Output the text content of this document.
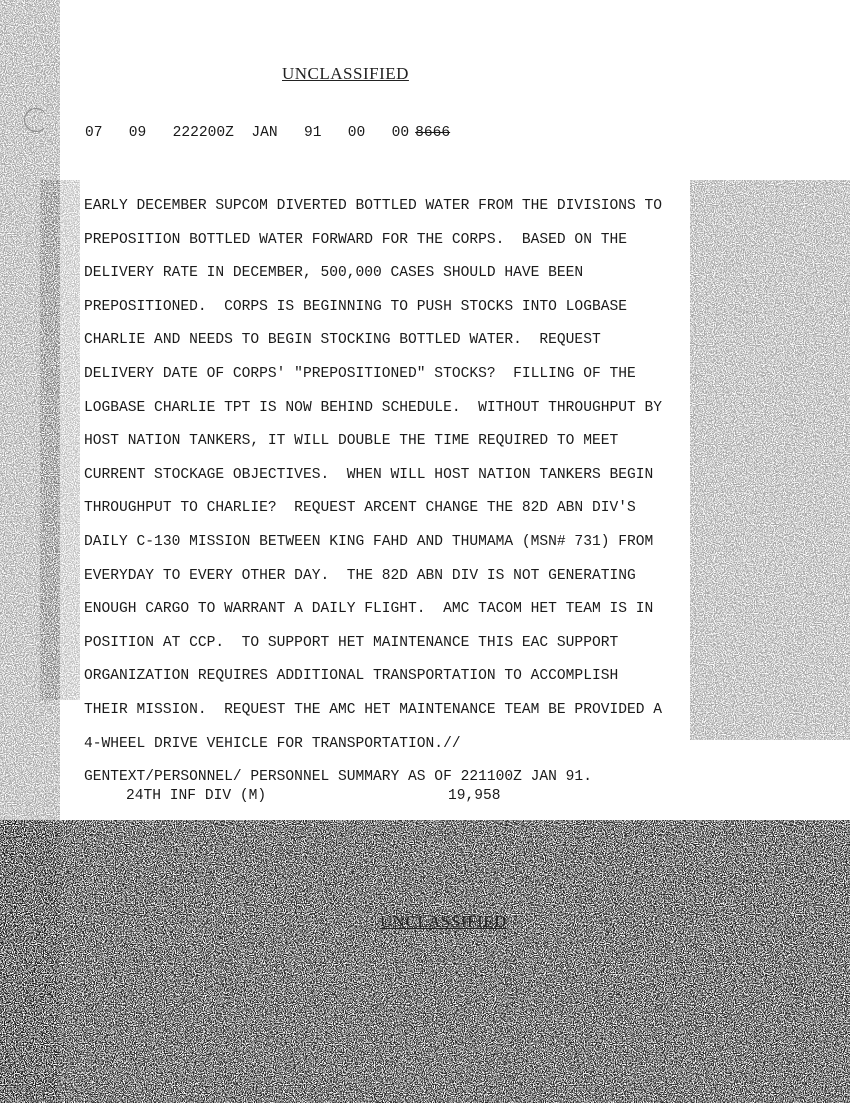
UNCLASSIFIED
07 09 222200Z JAN 91 00 00 8666
EARLY DECEMBER SUPCOM DIVERTED BOTTLED WATER FROM THE DIVISIONS TO
PREPOSITION BOTTLED WATER FORWARD FOR THE CORPS.  BASED ON THE
DELIVERY RATE IN DECEMBER, 500,000 CASES SHOULD HAVE BEEN
PREPOSITIONED.  CORPS IS BEGINNING TO PUSH STOCKS INTO LOGBASE
CHARLIE AND NEEDS TO BEGIN STOCKING BOTTLED WATER.  REQUEST
DELIVERY DATE OF CORPS' "PREPOSITIONED" STOCKS?  FILLING OF THE
LOGBASE CHARLIE TPT IS NOW BEHIND SCHEDULE.  WITHOUT THROUGHPUT BY
HOST NATION TANKERS, IT WILL DOUBLE THE TIME REQUIRED TO MEET
CURRENT STOCKAGE OBJECTIVES.  WHEN WILL HOST NATION TANKERS BEGIN
THROUGHPUT TO CHARLIE?  REQUEST ARCENT CHANGE THE 82D ABN DIV'S
DAILY C-130 MISSION BETWEEN KING FAHD AND THUMAMA (MSN# 731) FROM
EVERYDAY TO EVERY OTHER DAY.  THE 82D ABN DIV IS NOT GENERATING
ENOUGH CARGO TO WARRANT A DAILY FLIGHT.  AMC TACOM HET TEAM IS IN
POSITION AT CCP.  TO SUPPORT HET MAINTENANCE THIS EAC SUPPORT
ORGANIZATION REQUIRES ADDITIONAL TRANSPORTATION TO ACCOMPLISH
THEIR MISSION.  REQUEST THE AMC HET MAINTENANCE TEAM BE PROVIDED A
4-WHEEL DRIVE VEHICLE FOR TRANSPORTATION.//
GENTEXT/PERSONNEL/ PERSONNEL SUMMARY AS OF 221100Z JAN 91.
24TH INF DIV (M)	19,958
UNCLASSIFIED
